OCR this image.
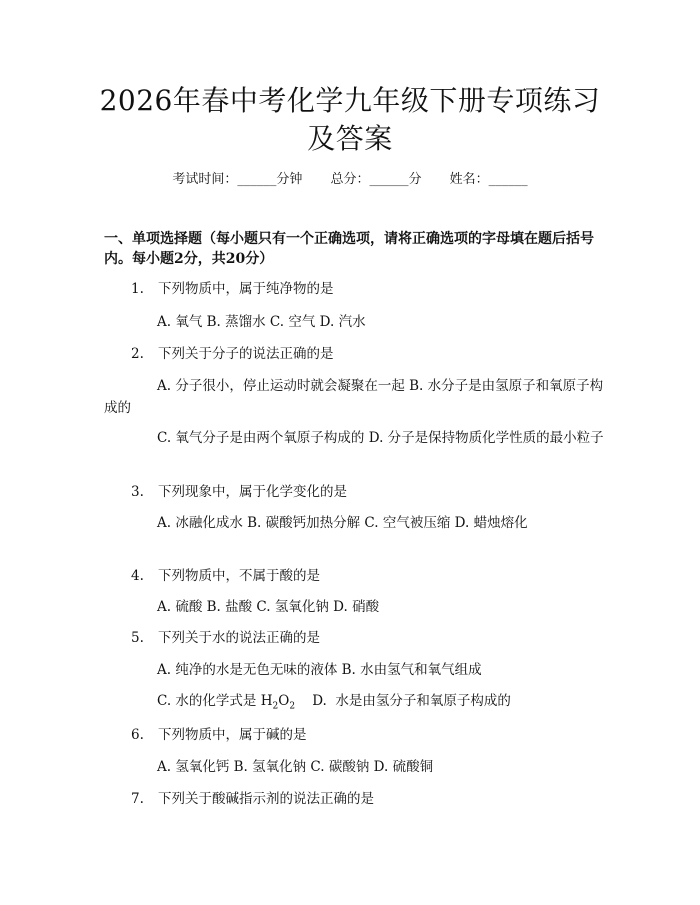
2026年春中考化学九年级下册专项练习及答案
考试时间：______分钟 总分：______分 姓名：______
一、单项选择题（每小题只有一个正确选项，请将正确选项的字母填在题后括号内。每小题2分，共20分）
1. 下列物质中，属于纯净物的是
A. 氧气 B. 蒸馏水 C. 空气 D. 汽水
2. 下列关于分子的说法正确的是
A. 分子很小，停止运动时就会凝聚在一起 B. 水分子是由氢原子和氧原子构成的
C. 氧气分子是由两个氧原子构成的 D. 分子是保持物质化学性质的最小粒子
3. 下列现象中，属于化学变化的是
A. 冰融化成水 B. 碳酸钙加热分解 C. 空气被压缩 D. 蜡烛熔化
4. 下列物质中，不属于酸的是
A. 硫酸 B. 盐酸 C. 氢氧化钠 D. 硝酸
5. 下列关于水的说法正确的是
A. 纯净的水是无色无味的液体 B. 水由氢气和氧气组成
C. 水的化学式是 $H_2O_2$    D.  水是由氢分子和氧原子构成的
6. 下列物质中，属于碱的是
A. 氢氧化钙 B. 氢氧化钠 C. 碳酸钠 D. 硫酸铜
7. 下列关于酸碱指示剂的说法正确的是
